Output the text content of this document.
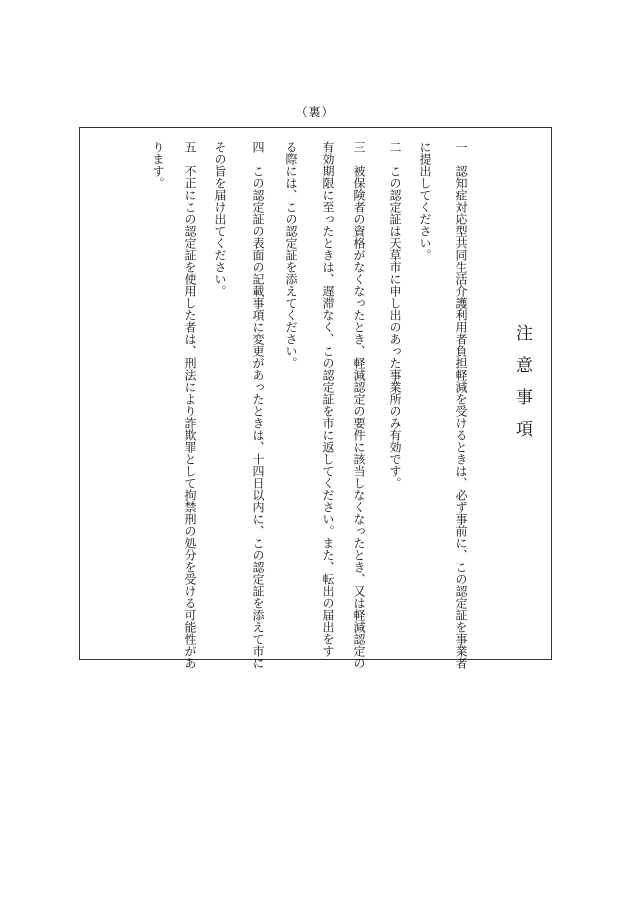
（裏）
注意事項
一　認知症対応型共同生活介護利用者負担軽減を受けるときは、必ず事前に、この認定証を事業者
に提出してください。
二　この認定証は天草市に申し出のあった事業所のみ有効です。
三　被保険者の資格がなくなったとき、軽減認定の要件に該当しなくなったとき、又は軽減認定の
有効期限に至ったときは、遅滞なく、この認定証を市に返してください。また、転出の届出をす
る際には、この認定証を添えてください。
四　この認定証の表面の記載事項に変更があったときは、十四日以内に、この認定証を添えて市に
その旨を届け出てください。
五　不正にこの認定証を使用した者は、刑法により詐欺罪として拘禁刑の処分を受ける可能性があ
ります。
